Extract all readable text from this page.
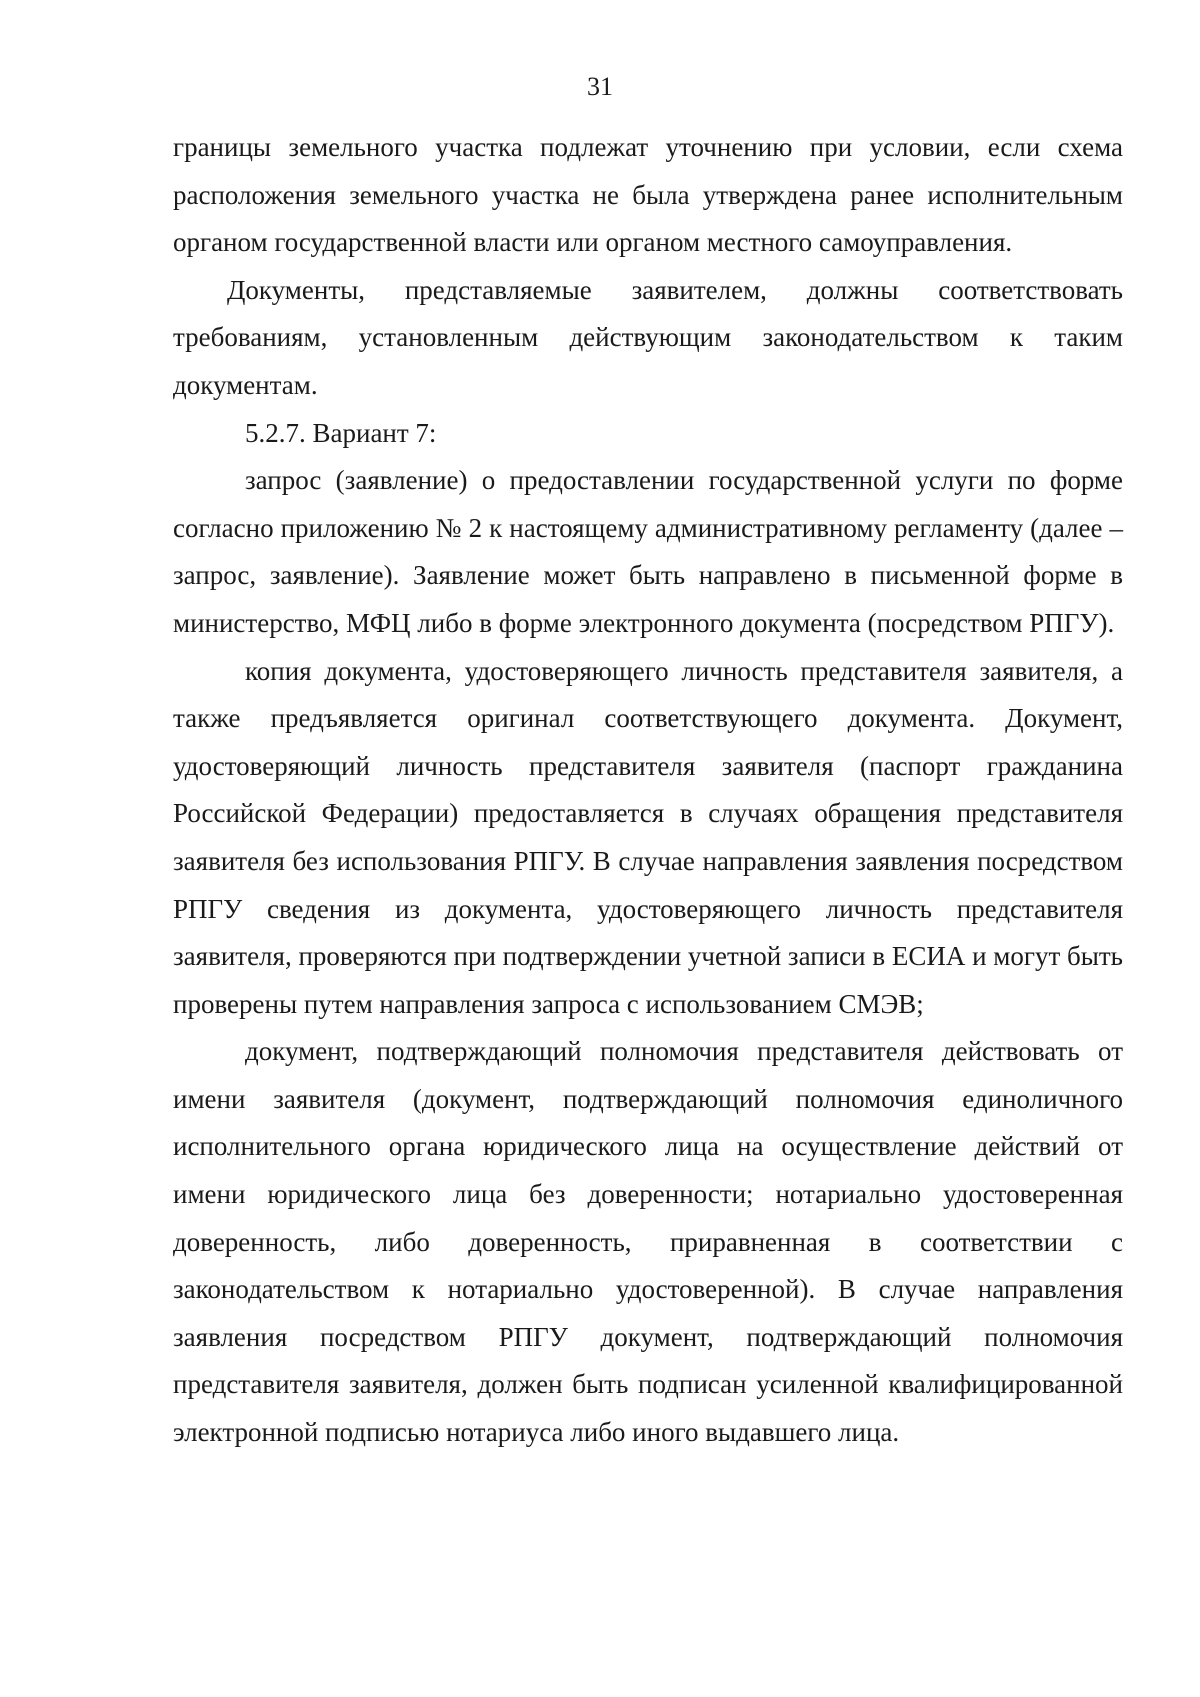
31

границы земельного участка подлежат уточнению при условии, если схема расположения земельного участка не была утверждена ранее исполнительным органом государственной власти или органом местного самоуправления.

Документы, представляемые заявителем, должны соответствовать требованиям, установленным действующим законодательством к таким документам.

5.2.7. Вариант 7:

запрос (заявление) о предоставлении государственной услуги по форме согласно приложению № 2 к настоящему административному регламенту (далее – запрос, заявление). Заявление может быть направлено в письменной форме в министерство, МФЦ либо в форме электронного документа (посредством РПГУ).

копия документа, удостоверяющего личность представителя заявителя, а также предъявляется оригинал соответствующего документа. Документ, удостоверяющий личность представителя заявителя (паспорт гражданина Российской Федерации) предоставляется в случаях обращения представителя заявителя без использования РПГУ. В случае направления заявления посредством РПГУ сведения из документа, удостоверяющего личность представителя заявителя, проверяются при подтверждении учетной записи в ЕСИА и могут быть проверены путем направления запроса с использованием СМЭВ;

документ, подтверждающий полномочия представителя действовать от имени заявителя (документ, подтверждающий полномочия единоличного исполнительного органа юридического лица на осуществление действий от имени юридического лица без доверенности; нотариально удостоверенная доверенность, либо доверенность, приравненная в соответствии с законодательством к нотариально удостоверенной). В случае направления заявления посредством РПГУ документ, подтверждающий полномочия представителя заявителя, должен быть подписан усиленной квалифицированной электронной подписью нотариуса либо иного выдавшего лица.
